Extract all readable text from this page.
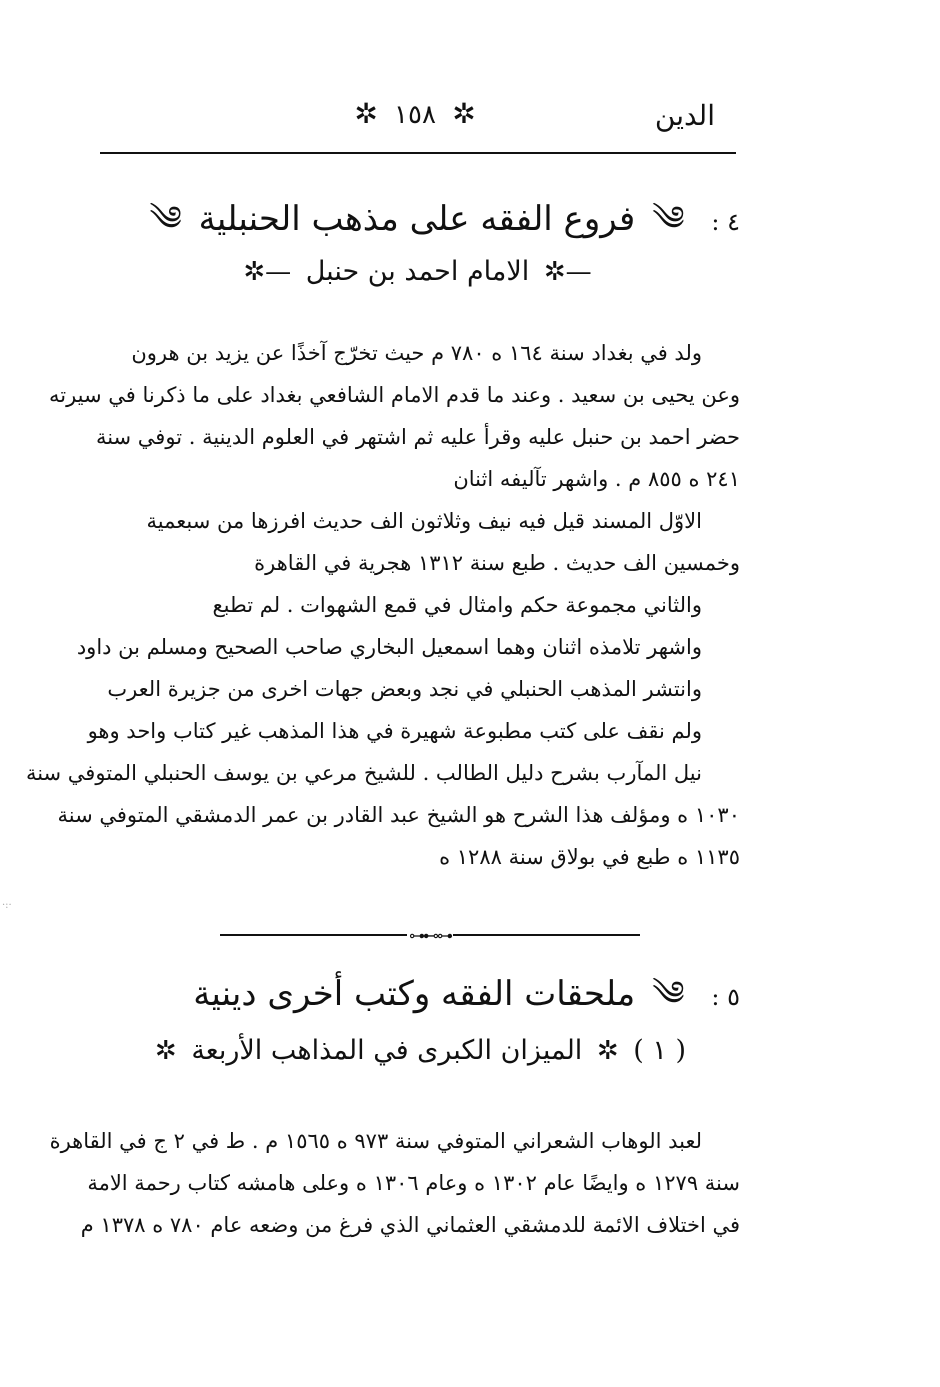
الدين
✲ ١٥٨ ✲
٤ : ༄ فروع الفقه على مذهب الحنبلية ༄
—✲ الامام احمد بن حنبل —✲
ولد في بغداد سنة ١٦٤ ه ٧٨٠ م حيث تخرّج آخذًا عن يزيد بن هرون
وعن يحيى بن سعيد . وعند ما قدم الامام الشافعي بغداد على ما ذكرنا في سيرته
حضر احمد بن حنبل عليه وقرأ عليه ثم اشتهر في العلوم الدينية . توفي سنة
٢٤١ ه ٨٥٥ م . واشهر تآليفه اثنان
الاوّل المسند قيل فيه نيف وثلاثون الف حديث افرزها من سبعمية
وخمسين الف حديث . طبع سنة ١٣١٢ هجرية في القاهرة
والثاني مجموعة حكم وامثال في قمع الشهوات . لم تطبع
واشهر تلامذه اثنان وهما اسمعيل البخاري صاحب الصحيح ومسلم بن داود
وانتشر المذهب الحنبلي في نجد وبعض جهات اخرى من جزيرة العرب
ولم نقف على كتب مطبوعة شهيرة في هذا المذهب غير كتاب واحد وهو
نيل المآرب بشرح دليل الطالب . للشيخ مرعي بن يوسف الحنبلي المتوفي سنة
١٠٣٠ ه ومؤلف هذا الشرح هو الشيخ عبد القادر بن عمر الدمشقي المتوفي سنة
١١٣٥ ه طبع في بولاق سنة ١٢٨٨ ه
·:·
⊶⊷⊶
٥ : ༄ ملحقات الفقه وكتب أخرى دينية
( ١ ) ✲ الميزان الكبرى في المذاهب الأربعة ✲
لعبد الوهاب الشعراني المتوفي سنة ٩٧٣ ه ١٥٦٥ م . ط في ٢ ج في القاهرة
سنة ١٢٧٩ ه وايضًا عام ١٣٠٢ ه وعام ١٣٠٦ ه وعلى هامشه كتاب رحمة الامة
في اختلاف الائمة للدمشقي العثماني الذي فرغ من وضعه عام ٧٨٠ ه ١٣٧٨ م
